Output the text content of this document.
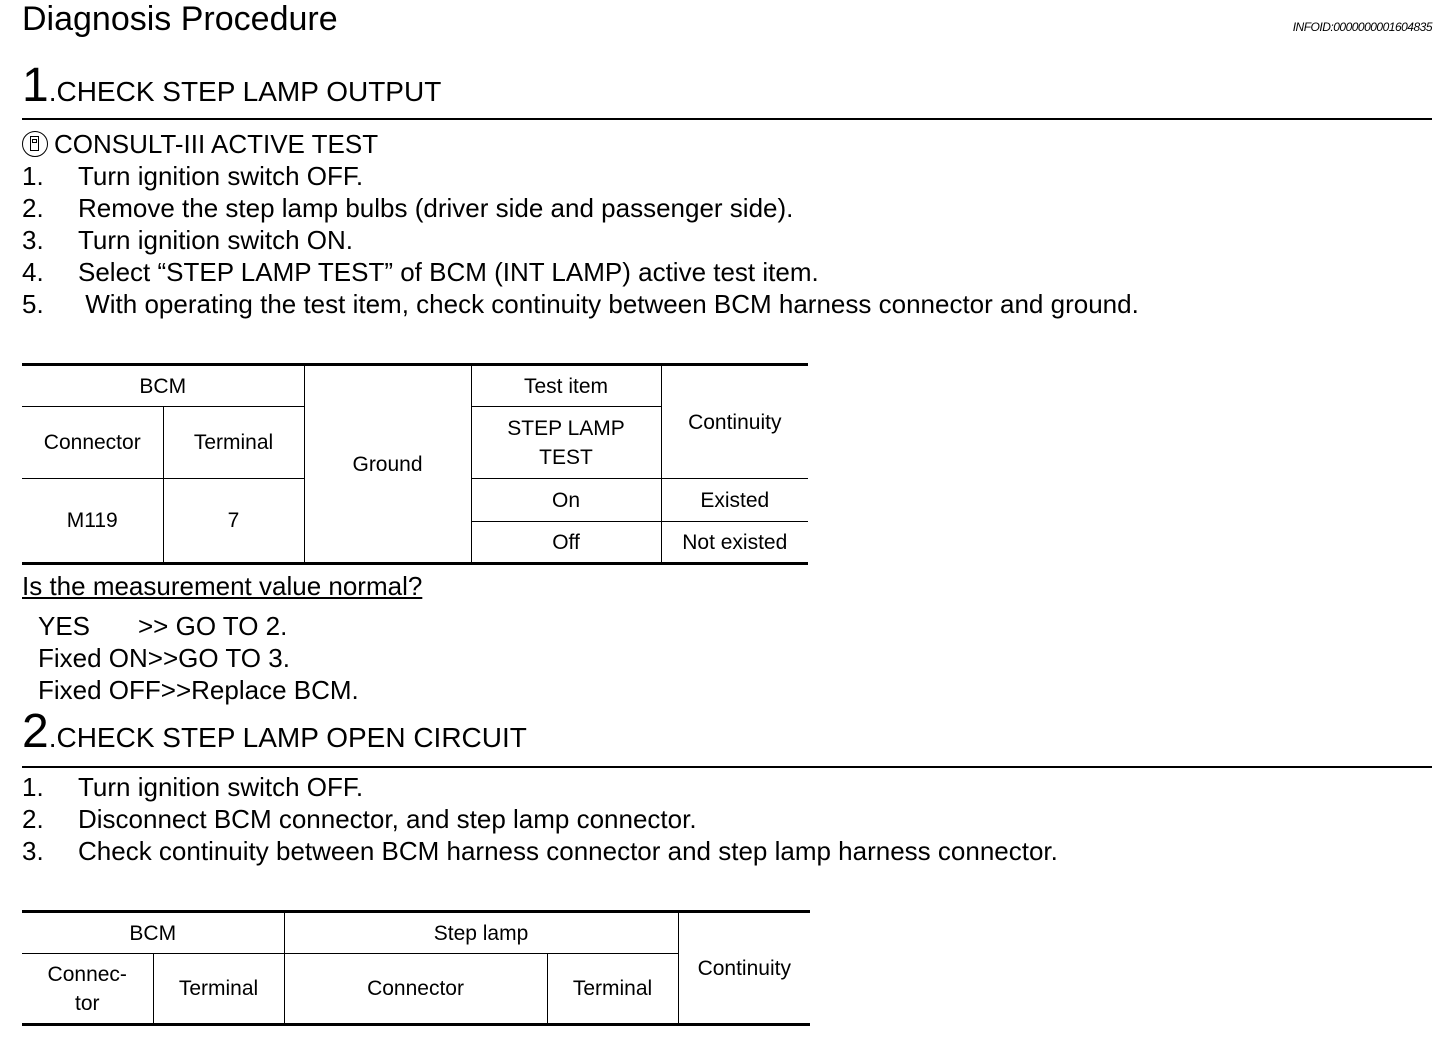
Diagnosis Procedure	INFOID:0000000001604835
1.CHECK STEP LAMP OUTPUT
CONSULT-III ACTIVE TEST
1. Turn ignition switch OFF.
2. Remove the step lamp bulbs (driver side and passenger side).
3. Turn ignition switch ON.
4. Select “STEP LAMP TEST” of BCM (INT LAMP) active test item.
5. With operating the test item, check continuity between BCM harness connector and ground.
BCM		Ground	Test item	Continuity
Connector	Terminal		STEP LAMP
TEST	
M119	7		On	Existed
			Off	Not existed
Is the measurement value normal?
YES >> GO TO 2.
Fixed ON>>GO TO 3.
Fixed OFF>>Replace BCM.
2.CHECK STEP LAMP OPEN CIRCUIT
1. Turn ignition switch OFF.
2. Disconnect BCM connector, and step lamp connector.
3. Check continuity between BCM harness connector and step lamp harness connector.
BCM		Step lamp		Continuity
Connec-
tor	Terminal	Connector	Terminal	
